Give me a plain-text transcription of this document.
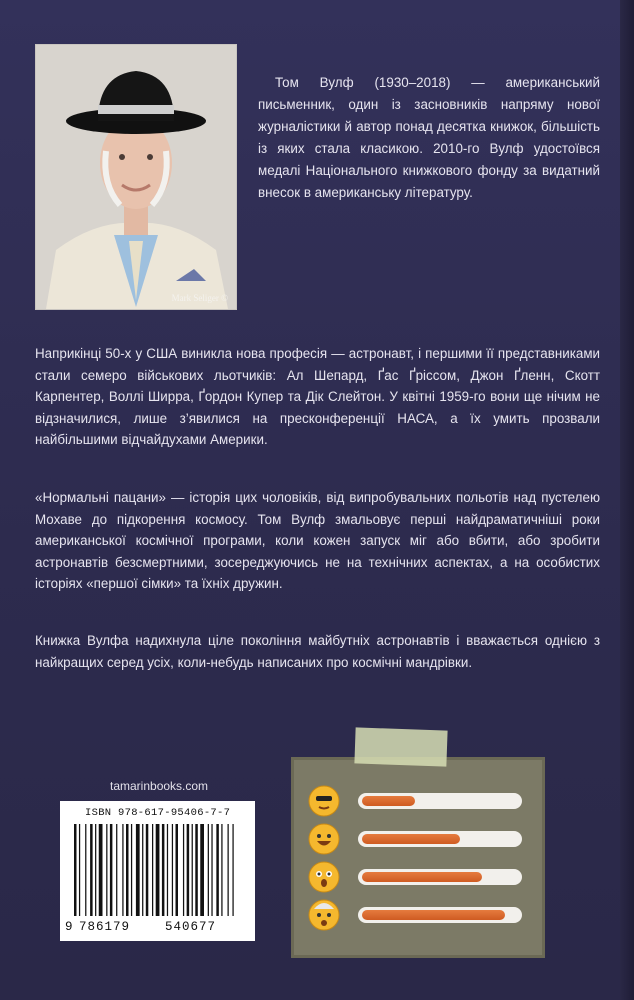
Mark Seliger ©

Том Вулф (1930–2018) — американський письменник, один із засновників напряму нової журналістики й автор понад десятка книжок, більшість із яких стала класикою. 2010-го Вулф удостоївся медалі Національного книжкового фонду за видатний внесок в американську літературу.

Наприкінці 50-х у США виникла нова професія — астронавт, і першими її представниками стали семеро військових льотчиків: Ал Шепард, Ґас Ґріссом, Джон Ґленн, Скотт Карпентер, Воллі Ширра, Ґордон Купер та Дік Слейтон. У квітні 1959-го вони ще нічим не відзначилися, лише з’явилися на пресконференції НАСА, а їх умить прозвали найбільшими відчайдухами Америки.

«Нормальні пацани» — історія цих чоловіків, від випробувальних польотів над пустелею Мохаве до підкорення космосу. Том Вулф змальовує перші найдраматичніші роки американської космічної програми, коли кожен запуск міг або вбити, або зробити астронавтів безсмертними, зосереджуючись не на технічних аспектах, а на особистих історіях «першої сімки» та їхніх дружин.

Книжка Вулфа надихнула ціле покоління майбутніх астронавтів і вважається однією з найкращих серед усіх, коли-небудь написаних про космічні мандрівки.

tamarinbooks.com
ISBN 978-617-95406-7-7
9 786179	540677
